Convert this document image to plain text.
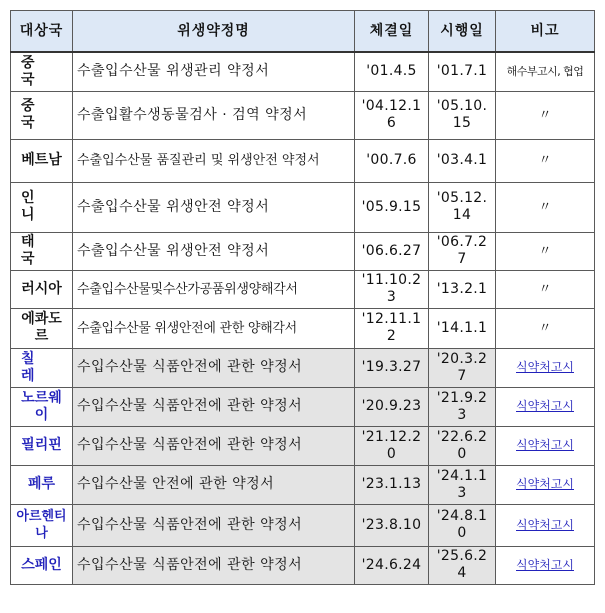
대상국	위생약정명	체결일	시행일	비고
중 국	수출입수산물 위생관리 약정서	'01.4.5	'01.7.1	해수부고시, 협업
중 국	수출입활수생동물검사 · 검역 약정서	'04.12.16	'05.10.15	〃
베트남	수출입수산물 품질관리 및 위생안전 약정서	'00.7.6	'03.4.1	〃
인 니	수출입수산물 위생안전 약정서	'05.9.15	'05.12.14	〃
태 국	수출입수산물 위생안전 약정서	'06.6.27	'06.7.27	〃
러시아	수출입수산물및수산가공품위생양해각서	'11.10.23	'13.2.1	〃
에콰도르	수출입수산물 위생안전에 관한 양해각서	'12.11.12	'14.1.1	〃
칠 레	수입수산물 식품안전에 관한 약정서	'19.3.27	'20.3.27	식약처고시
노르웨이	수입수산물 식품안전에 관한 약정서	'20.9.23	'21.9.23	식약처고시
필리핀	수입수산물 식품안전에 관한 약정서	'21.12.20	'22.6.20	식약처고시
페루	수입수산물 안전에 관한 약정서	'23.1.13	'24.1.13	식약처고시
아르헨티나	수입수산물 식품안전에 관한 약정서	'23.8.10	'24.8.10	식약처고시
스페인	수입수산물 식품안전에 관한 약정서	'24.6.24	'25.6.24	식약처고시
